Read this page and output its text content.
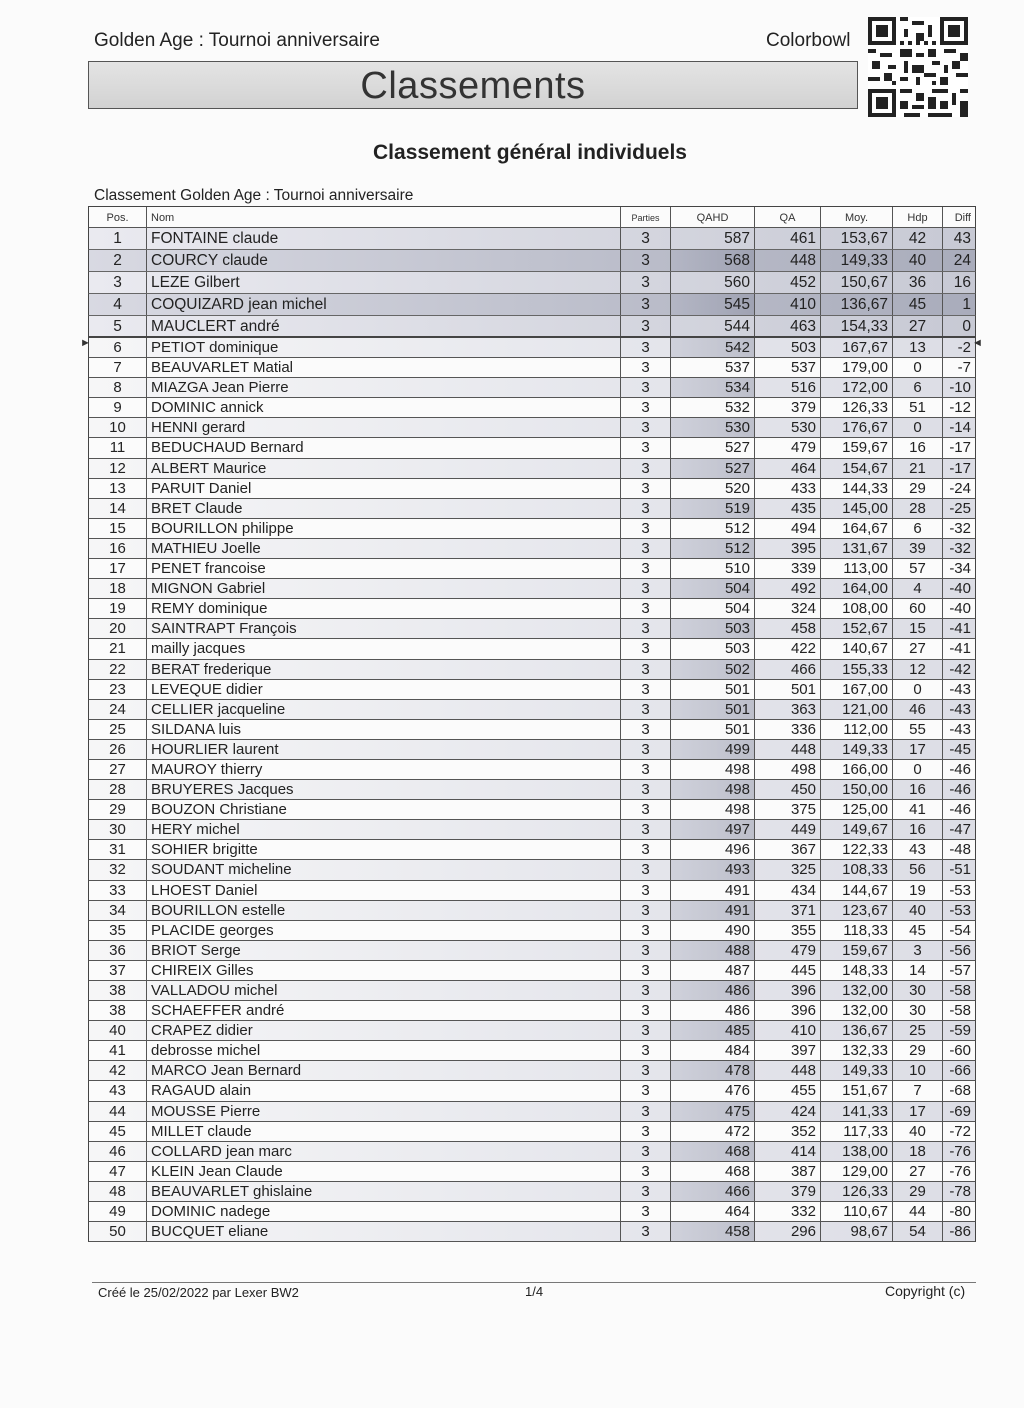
Golden Age : Tournoi anniversaire	Colorbowl
Classements
Classement général individuels
Classement Golden Age : Tournoi anniversaire
Pos.	Nom	Parties	QAHD	QA	Moy.	Hdp	Diff
1	FONTAINE claude	3	587	461	153,67	42	43
2	COURCY claude	3	568	448	149,33	40	24
3	LEZE Gilbert	3	560	452	150,67	36	16
4	COQUIZARD jean michel	3	545	410	136,67	45	1
5	MAUCLERT andré	3	544	463	154,33	27	0
6	PETIOT dominique	3	542	503	167,67	13	-2
7	BEAUVARLET Matial	3	537	537	179,00	0	-7
8	MIAZGA Jean Pierre	3	534	516	172,00	6	-10
9	DOMINIC annick	3	532	379	126,33	51	-12
10	HENNI gerard	3	530	530	176,67	0	-14
11	BEDUCHAUD Bernard	3	527	479	159,67	16	-17
12	ALBERT Maurice	3	527	464	154,67	21	-17
13	PARUIT Daniel	3	520	433	144,33	29	-24
14	BRET Claude	3	519	435	145,00	28	-25
15	BOURILLON philippe	3	512	494	164,67	6	-32
16	MATHIEU Joelle	3	512	395	131,67	39	-32
17	PENET francoise	3	510	339	113,00	57	-34
18	MIGNON Gabriel	3	504	492	164,00	4	-40
19	REMY dominique	3	504	324	108,00	60	-40
20	SAINTRAPT François	3	503	458	152,67	15	-41
21	mailly jacques	3	503	422	140,67	27	-41
22	BERAT frederique	3	502	466	155,33	12	-42
23	LEVEQUE didier	3	501	501	167,00	0	-43
24	CELLIER jacqueline	3	501	363	121,00	46	-43
25	SILDANA luis	3	501	336	112,00	55	-43
26	HOURLIER laurent	3	499	448	149,33	17	-45
27	MAUROY thierry	3	498	498	166,00	0	-46
28	BRUYERES Jacques	3	498	450	150,00	16	-46
29	BOUZON Christiane	3	498	375	125,00	41	-46
30	HERY michel	3	497	449	149,67	16	-47
31	SOHIER brigitte	3	496	367	122,33	43	-48
32	SOUDANT micheline	3	493	325	108,33	56	-51
33	LHOEST Daniel	3	491	434	144,67	19	-53
34	BOURILLON estelle	3	491	371	123,67	40	-53
35	PLACIDE georges	3	490	355	118,33	45	-54
36	BRIOT Serge	3	488	479	159,67	3	-56
37	CHIREIX Gilles	3	487	445	148,33	14	-57
38	VALLADOU michel	3	486	396	132,00	30	-58
38	SCHAEFFER andré	3	486	396	132,00	30	-58
40	CRAPEZ didier	3	485	410	136,67	25	-59
41	debrosse michel	3	484	397	132,33	29	-60
42	MARCO Jean Bernard	3	478	448	149,33	10	-66
43	RAGAUD alain	3	476	455	151,67	7	-68
44	MOUSSE Pierre	3	475	424	141,33	17	-69
45	MILLET claude	3	472	352	117,33	40	-72
46	COLLARD jean marc	3	468	414	138,00	18	-76
47	KLEIN Jean Claude	3	468	387	129,00	27	-76
48	BEAUVARLET ghislaine	3	466	379	126,33	29	-78
49	DOMINIC nadege	3	464	332	110,67	44	-80
50	BUCQUET eliane	3	458	296	98,67	54	-86
►	◄
Créé le 25/02/2022 par Lexer BW2	1/4	Copyright (c)
